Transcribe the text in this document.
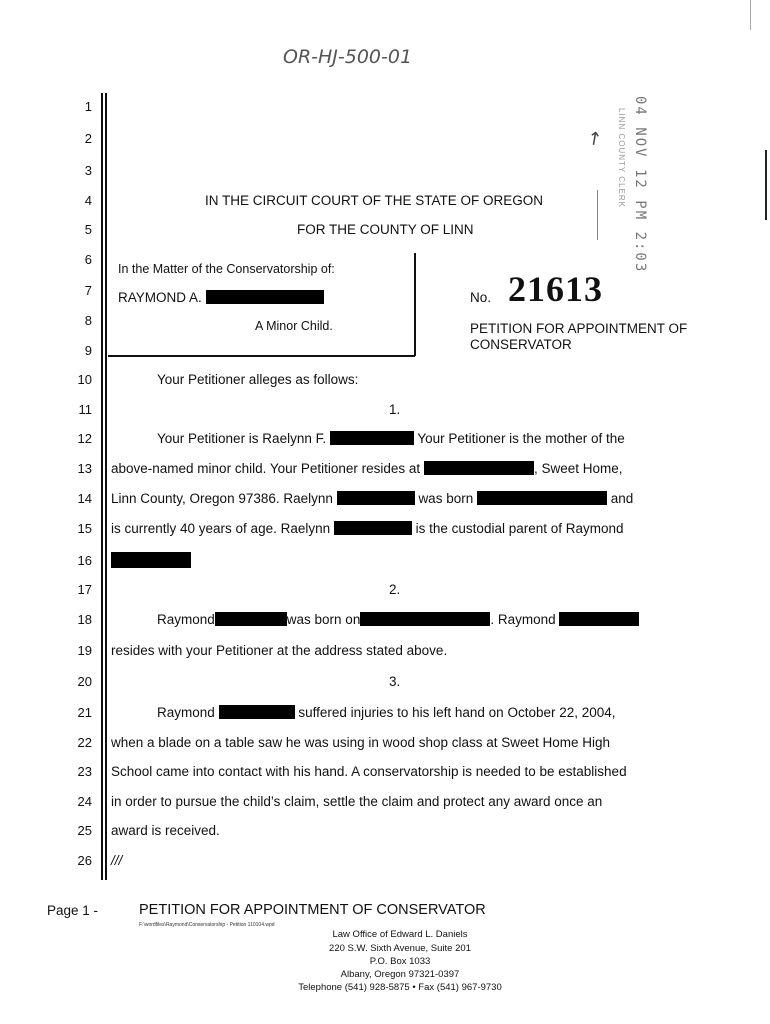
OR-HJ-500-01
1
2
3
4
5
6
7
8
9
10
11
12
13
14
15
16
17
18
19
20
21
22
23
24
25
26
IN THE CIRCUIT COURT OF THE STATE OF OREGON
FOR THE COUNTY OF LINN
↗ 04 NOV 12 PM 2:03
LINN COUNTY CLERK
In the Matter of the Conservatorship of:
RAYMOND A.
A Minor Child.
No. 21613
PETITION FOR APPOINTMENT OF
CONSERVATOR
Your Petitioner alleges as follows:
1.
Your Petitioner is Raelynn F.	Your Petitioner is the mother of the
above-named minor child. Your Petitioner resides at	, Sweet Home,
Linn County, Oregon 97386. Raelynn	was born	and
is currently 40 years of age. Raelynn	is the custodial parent of Raymond
2.
Raymond	was born on	. Raymond
resides with your Petitioner at the address stated above.
3.
Raymond	suffered injuries to his left hand on October 22, 2004,
when a blade on a table saw he was using in wood shop class at Sweet Home High
School came into contact with his hand. A conservatorship is needed to be established
in order to pursue the child’s claim, settle the claim and protect any award once an
award is received.
///
Page 1 -	PETITION FOR APPOINTMENT OF CONSERVATOR
F:\wordfiles\Raymond\Conservatorship - Petition 110104.wpd
Law Office of Edward L. Daniels
220 S.W. Sixth Avenue, Suite 201
P.O. Box 1033
Albany, Oregon 97321-0397
Telephone (541) 928-5875 • Fax (541) 967-9730
